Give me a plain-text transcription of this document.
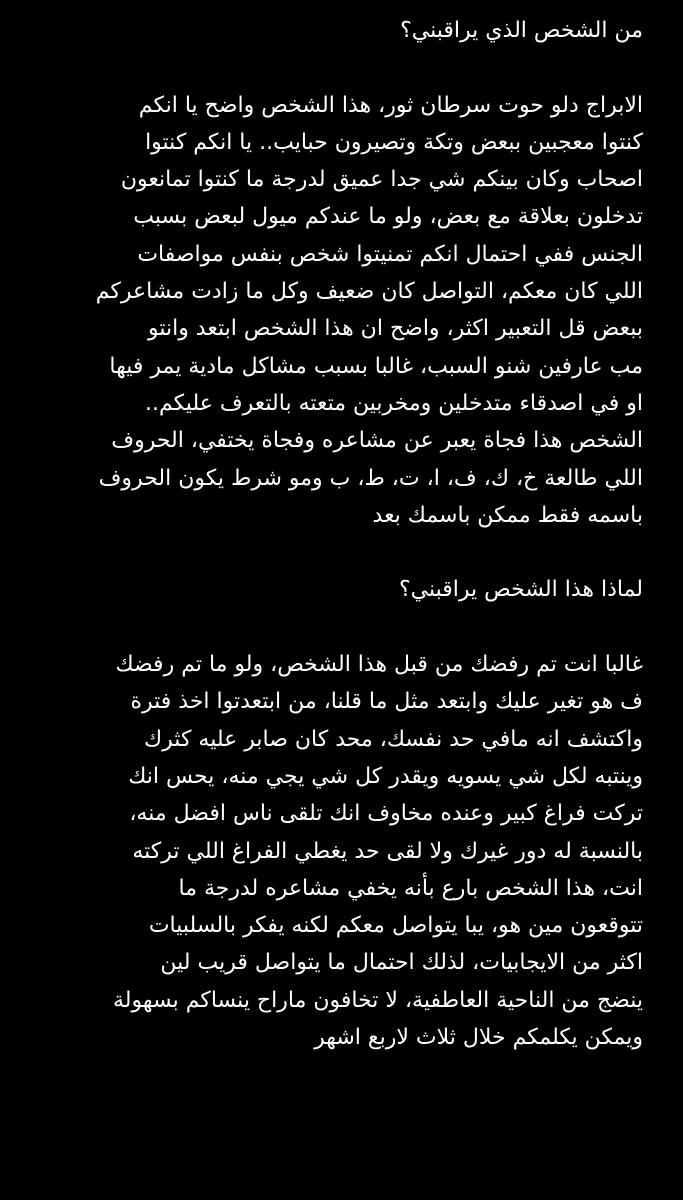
من الشخص الذي يراقبني؟
الابراج دلو حوت سرطان ثور، هذا الشخص واضح يا انكم
كنتوا معجبين ببعض وتكة وتصيرون حبايب.. يا انكم كنتوا
اصحاب وكان بينكم شي جدا عميق لدرجة ما كنتوا تمانعون
تدخلون بعلاقة مع بعض، ولو ما عندكم ميول لبعض بسبب
الجنس ففي احتمال انكم تمنيتوا شخص بنفس مواصفات
اللي كان معكم، التواصل كان ضعيف وكل ما زادت مشاعركم
ببعض قل التعبير اكثر، واضح ان هذا الشخص ابتعد وانتو
مب عارفين شنو السبب، غالبا بسبب مشاكل مادية يمر فيها
او في اصدقاء متدخلين ومخربين متعته بالتعرف عليكم..
الشخص هذا فجاة يعبر عن مشاعره وفجاة يختفي، الحروف
اللي طالعة خ، ك، ف، ا، ت، ط، ب ومو شرط يكون الحروف
باسمه فقط ممكن باسمك بعد
لماذا هذا الشخص يراقبني؟
غالبا انت تم رفضك من قبل هذا الشخص، ولو ما تم رفضك
ف هو تغير عليك وابتعد مثل ما قلنا، من ابتعدتوا اخذ فترة
واكتشف انه مافي حد نفسك، محد كان صابر عليه كثرك
وينتبه لكل شي يسويه ويقدر كل شي يجي منه، يحس انك
تركت فراغ كبير وعنده مخاوف انك تلقى ناس افضل منه،
بالنسبة له دور غيرك ولا لقى حد يغطي الفراغ اللي تركته
انت، هذا الشخص بارع بأنه يخفي مشاعره لدرجة ما
تتوقعون مين هو، يبا يتواصل معكم لكنه يفكر بالسلبيات
اكثر من الايجابيات، لذلك احتمال ما يتواصل قريب لين
ينضج من الناحية العاطفية، لا تخافون ماراح ينساكم بسهولة
ويمكن يكلمكم خلال ثلاث لاربع اشهر
